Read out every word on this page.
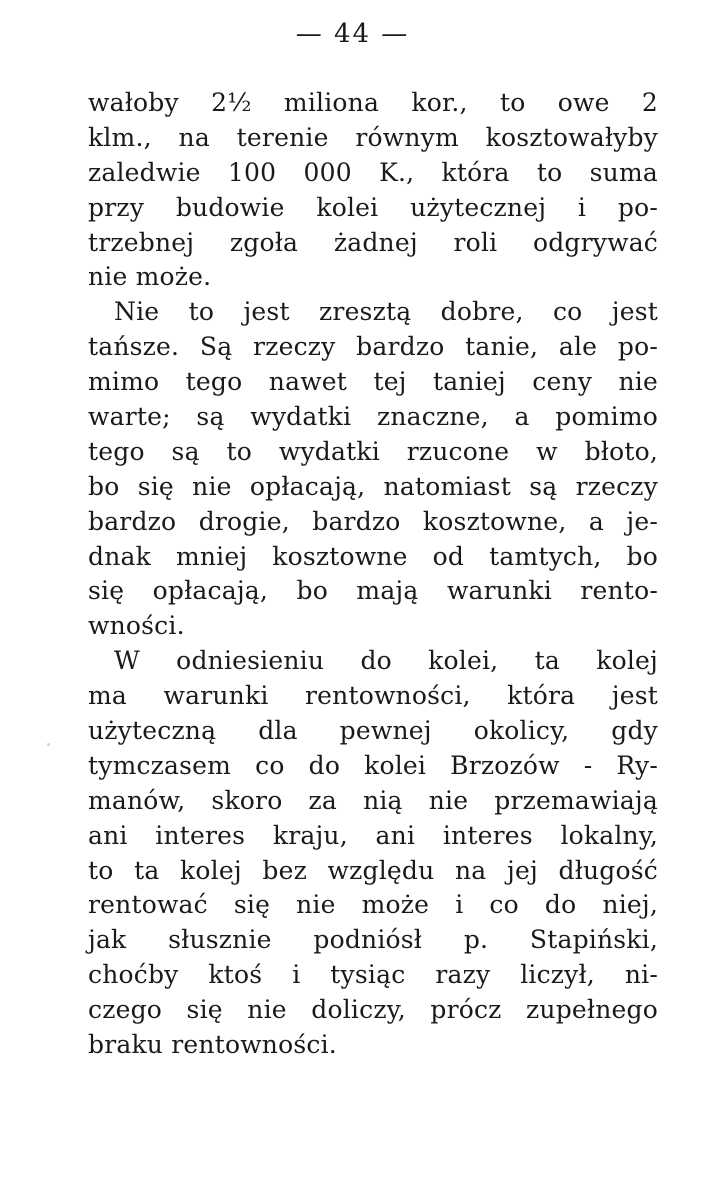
— 44 —
wałoby 2½ miliona kor., to owe 2
klm., na terenie równym kosztowałyby
zaledwie 100 000 K., która to suma
przy budowie kolei użytecznej i po-
trzebnej zgoła żadnej roli odgrywać
nie może.
Nie to jest zresztą dobre, co jest
tańsze. Są rzeczy bardzo tanie, ale po-
mimo tego nawet tej taniej ceny nie
warte; są wydatki znaczne, a pomimo
tego są to wydatki rzucone w błoto,
bo się nie opłacają, natomiast są rzeczy
bardzo drogie, bardzo kosztowne, a je-
dnak mniej kosztowne od tamtych, bo
się opłacają, bo mają warunki rento-
wności.
W odniesieniu do kolei, ta kolej
ma warunki rentowności, która jest
użyteczną dla pewnej okolicy, gdy
tymczasem co do kolei Brzozów - Ry-
manów, skoro za nią nie przemawiają
ani interes kraju, ani interes lokalny,
to ta kolej bez względu na jej długość
rentować się nie może i co do niej,
jak słusznie podniósł p. Stapiński,
choćby ktoś i tysiąc razy liczył, ni-
czego się nie doliczy, prócz zupełnego
braku rentowności.
